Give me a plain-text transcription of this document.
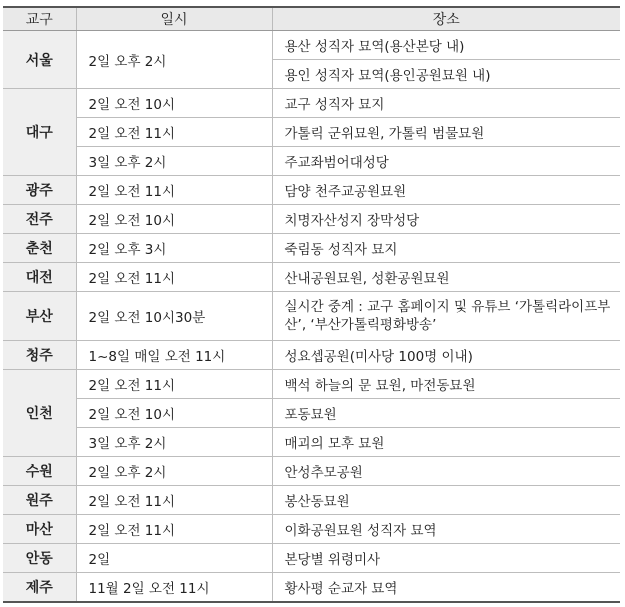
교구	일시	장소
서울	2일 오후 2시	용산 성직자 묘역(용산본당 내)
		용인 성직자 묘역(용인공원묘원 내)
대구	2일 오전 10시	교구 성직자 묘지
	2일 오전 11시	가톨릭 군위묘원, 가톨릭 범물묘원
	3일 오후 2시	주교좌범어대성당
광주	2일 오전 11시	담양 천주교공원묘원
전주	2일 오전 10시	치명자산성지 장막성당
춘천	2일 오후 3시	죽림동 성직자 묘지
대전	2일 오전 11시	산내공원묘원, 성환공원묘원
부산	2일 오전 10시30분	실시간 중계 : 교구 홈페이지 및 유튜브 ‘가톨릭라이프부산’, ‘부산가톨릭평화방송’
청주	1~8일 매일 오전 11시	성요셉공원(미사당 100명 이내)
인천	2일 오전 11시	백석 하늘의 문 묘원, 마전동묘원
	2일 오전 10시	포동묘원
	3일 오후 2시	매괴의 모후 묘원
수원	2일 오후 2시	안성추모공원
원주	2일 오전 11시	봉산동묘원
마산	2일 오전 11시	이화공원묘원 성직자 묘역
안동	2일	본당별 위령미사
제주	11월 2일 오전 11시	황사평 순교자 묘역
